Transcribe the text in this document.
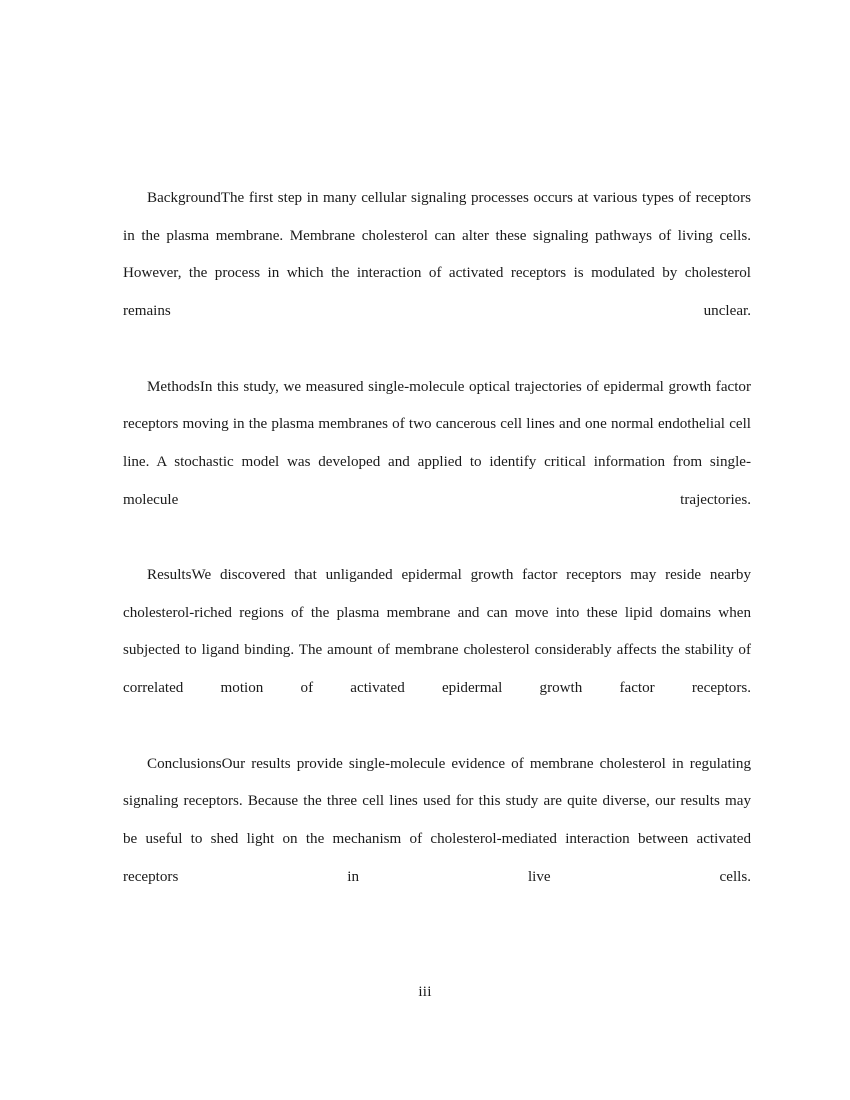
BackgroundThe first step in many cellular signaling processes occurs at various types of receptors in the plasma membrane. Membrane cholesterol can alter these signaling pathways of living cells. However, the process in which the interaction of activated receptors is modulated by cholesterol remains unclear.

MethodsIn this study, we measured single-molecule optical trajectories of epidermal growth factor receptors moving in the plasma membranes of two cancerous cell lines and one normal endothelial cell line. A stochastic model was developed and applied to identify critical information from single-molecule trajectories.

ResultsWe discovered that unliganded epidermal growth factor receptors may reside nearby cholesterol-riched regions of the plasma membrane and can move into these lipid domains when subjected to ligand binding. The amount of membrane cholesterol considerably affects the stability of correlated motion of activated epidermal growth factor receptors.

ConclusionsOur results provide single-molecule evidence of membrane cholesterol in regulating signaling receptors. Because the three cell lines used for this study are quite diverse, our results may be useful to shed light on the mechanism of cholesterol-mediated interaction between activated receptors in live cells.

iii
